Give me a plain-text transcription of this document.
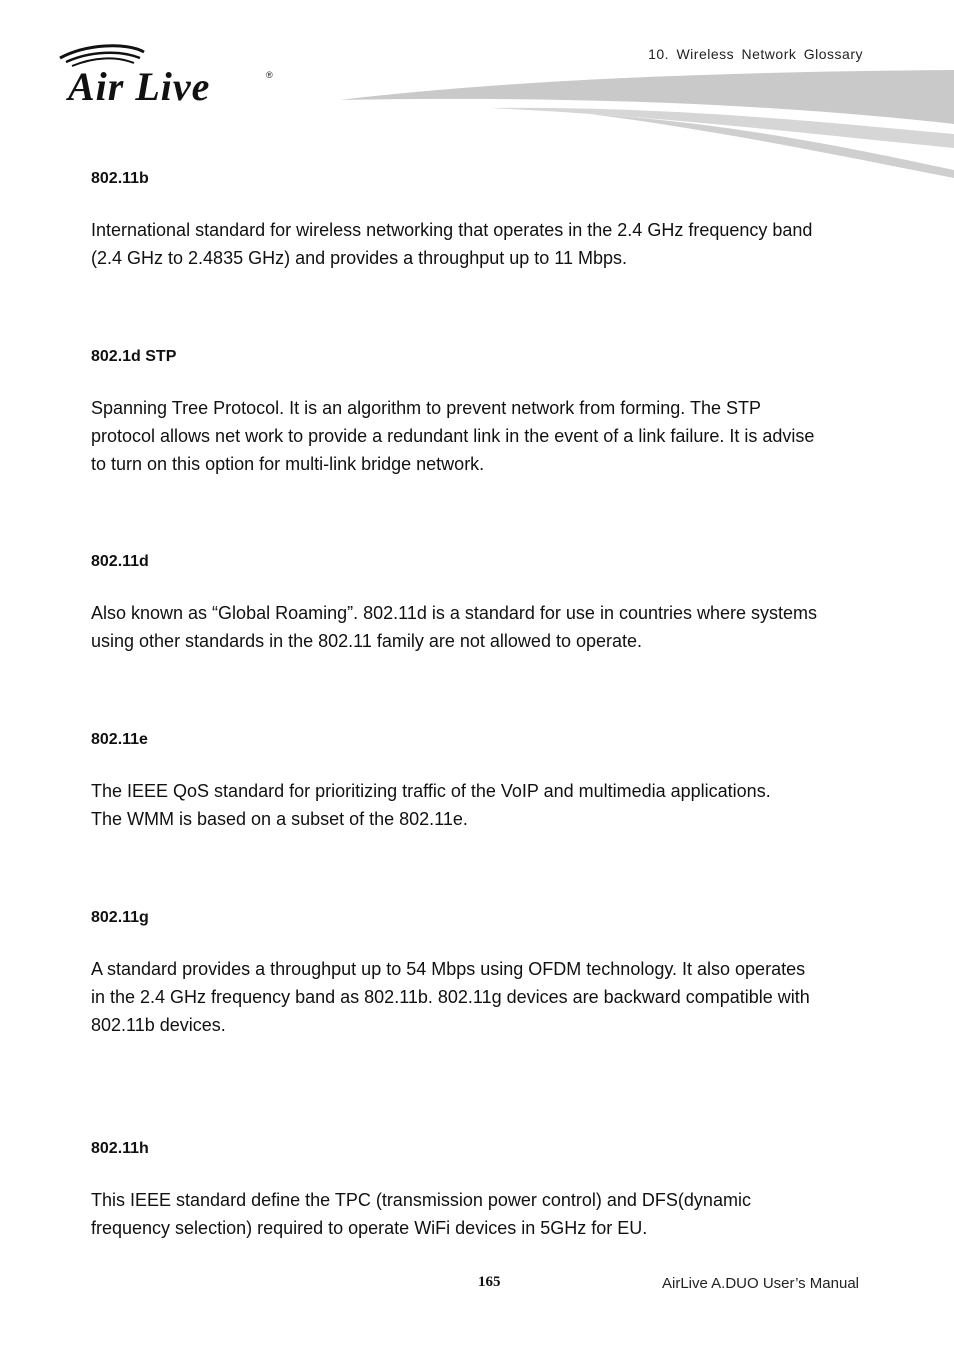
Air Live	®
10. Wireless Network Glossary

802.11b

International standard for wireless networking that operates in the 2.4 GHz frequency band
(2.4 GHz to 2.4835 GHz) and provides a throughput up to 11 Mbps.

802.1d STP

Spanning Tree Protocol. It is an algorithm to prevent network from forming. The STP
protocol allows net work to provide a redundant link in the event of a link failure. It is advise
to turn on this option for multi-link bridge network.

802.11d

Also known as “Global Roaming”. 802.11d is a standard for use in countries where systems
using other standards in the 802.11 family are not allowed to operate.

802.11e

The IEEE QoS standard for prioritizing traffic of the VoIP and multimedia applications.
The WMM is based on a subset of the 802.11e.

802.11g

A standard provides a throughput up to 54 Mbps using OFDM technology. It also operates
in the 2.4 GHz frequency band as 802.11b. 802.11g devices are backward compatible with
802.11b devices.

802.11h

This IEEE standard define the TPC (transmission power control) and DFS(dynamic
frequency selection) required to operate WiFi devices in 5GHz for EU.

165	AirLive A.DUO User’s Manual
